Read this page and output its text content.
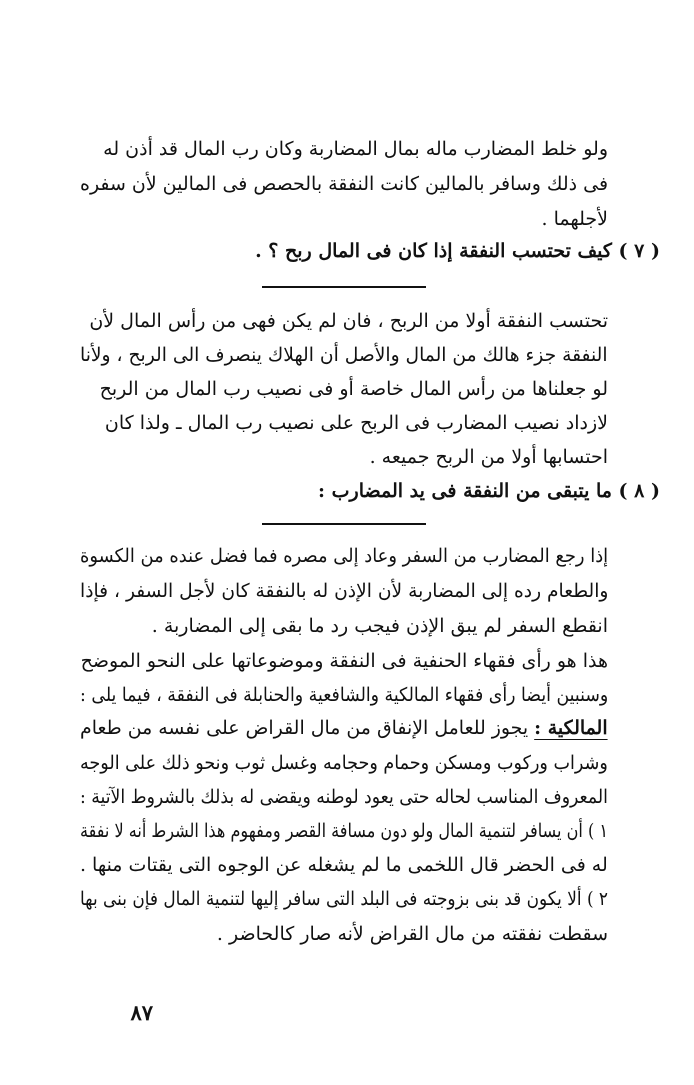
ولو خلط المضارب ماله بمال المضاربة وكان رب المال قد أذن له
فى ذلك وسافر بالمالين كانت النفقة بالحصص فى المالين لأن سفره
لأجلهما .
( ٧ ) كيف تحتسب النفقة إذا كان فى المال ربح ؟ .
تحتسب النفقة أولا من الربح ، فان لم يكن فهى من رأس المال لأن
النفقة جزء هالك من المال والأصل أن الهلاك ينصرف الى الربح ، ولأنا
لو جعلناها من رأس المال خاصة أو فى نصيب رب المال من الربح
لازداد نصيب المضارب فى الربح على نصيب رب المال ـ ولذا كان
احتسابها أولا من الربح جميعه .
( ٨ ) ما يتبقى من النفقة فى يد المضارب :
إذا رجع المضارب من السفر وعاد إلى مصره فما فضل عنده من الكسوة
والطعام رده إلى المضاربة لأن الإذن له بالنفقة كان لأجل السفر ، فإذا
انقطع السفر لم يبق الإذن فيجب رد ما بقى إلى المضاربة .
هذا هو رأى فقهاء الحنفية فى النفقة وموضوعاتها على النحو الموضح
وسنبين أيضا رأى فقهاء المالكية والشافعية والحنابلة فى النفقة ، فيما يلى :
المالكية : يجوز للعامل الإنفاق من مال القراض على نفسه من طعام
وشراب وركوب ومسكن وحمام وحجامه وغسل ثوب ونحو ذلك على الوجه
المعروف المناسب لحاله حتى يعود لوطنه ويقضى له بذلك بالشروط الآتية :
١ ) أن يسافر لتنمية المال ولو دون مسافة القصر ومفهوم هذا الشرط أنه لا نفقة
له فى الحضر قال اللخمى ما لم يشغله عن الوجوه التى يقتات منها .
٢ ) ألا يكون قد بنى بزوجته فى البلد التى سافر إليها لتنمية المال فإن بنى بها
سقطت نفقته من مال القراض لأنه صار كالحاضر .
٨٧
